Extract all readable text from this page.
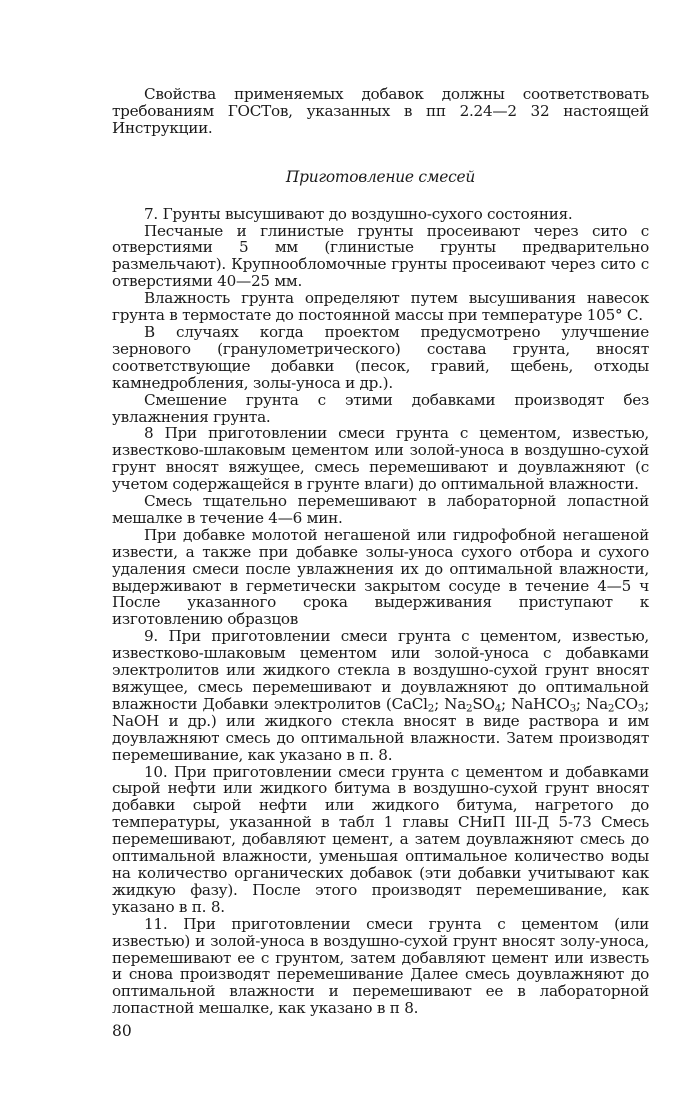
Свойства применяемых добавок должны соответствовать требованиям ГОСТов, указанных в пп 2.24—2 32 настоящей Инструкции.

Приготовление смесей

7. Грунты высушивают до воздушно-сухого состояния.

Песчаные и глинистые грунты просеивают через сито с отверстиями 5 мм (глинистые грунты предварительно размельчают). Крупнообломочные грунты просеивают через сито с отверстиями 40—25 мм.

Влажность грунта определяют путем высушивания навесок грунта в термостате до постоянной массы при температуре 105° С.

В случаях когда проектом предусмотрено улучшение зернового (гранулометрического) состава грунта, вносят соответствующие добавки (песок, гравий, щебень, отходы камнедробления, золы-уноса и др.).

Смешение грунта с этими добавками производят без увлажнения грунта.

8 При приготовлении смеси грунта с цементом, известью, известково-шлаковым цементом или золой-уноса в воздушно-сухой грунт вносят вяжущее, смесь перемешивают и доувлажняют (с учетом содержащейся в грунте влаги) до оптимальной влажности.

Смесь тщательно перемешивают в лабораторной лопастной мешалке в течение 4—6 мин.

При добавке молотой негашеной или гидрофобной негашеной извести, а также при добавке золы-уноса сухого отбора и сухого удаления смеси после увлажнения их до оптимальной влажности, выдерживают в герметически закрытом сосуде в течение 4—5 ч После указанного срока выдерживания приступают к изготовлению образцов

9. При приготовлении смеси грунта с цементом, известью, известково-шлаковым цементом или золой-уноса с добавками электролитов или жидкого стекла в воздушно-сухой грунт вносят вяжущее, смесь перемешивают и доувлажняют до оптимальной влажности Добавки электролитов (CaCl$_2$; $Na_2SO_4$; NaHCO$_3$; $Na_2CO_3$; NaOH и др.) или жидкого стекла вносят в виде раствора и им доувлажняют смесь до оптимальной влажности. Затем производят перемешивание, как указано в п. 8.

10. При приготовлении смеси грунта с цементом и добавками сырой нефти или жидкого битума в воздушно-сухой грунт вносят добавки сырой нефти или жидкого битума, нагретого до температуры, указанной в табл 1 главы СНиП III-Д 5-73 Смесь перемешивают, добавляют цемент, а затем доувлажняют смесь до оптимальной влажности, уменьшая оптимальное количество воды на количество органических добавок (эти добавки учитывают как жидкую фазу). После этого производят перемешивание, как указано в п. 8.

11. При приготовлении смеси грунта с цементом (или известью) и золой-уноса в воздушно-сухой грунт вносят золу-уноса, перемешивают ее с грунтом, затем добавляют цемент или известь и снова производят перемешивание Далее смесь доувлажняют до оптимальной влажности и перемешивают ее в лабораторной лопастной мешалке, как указано в п 8.

80
